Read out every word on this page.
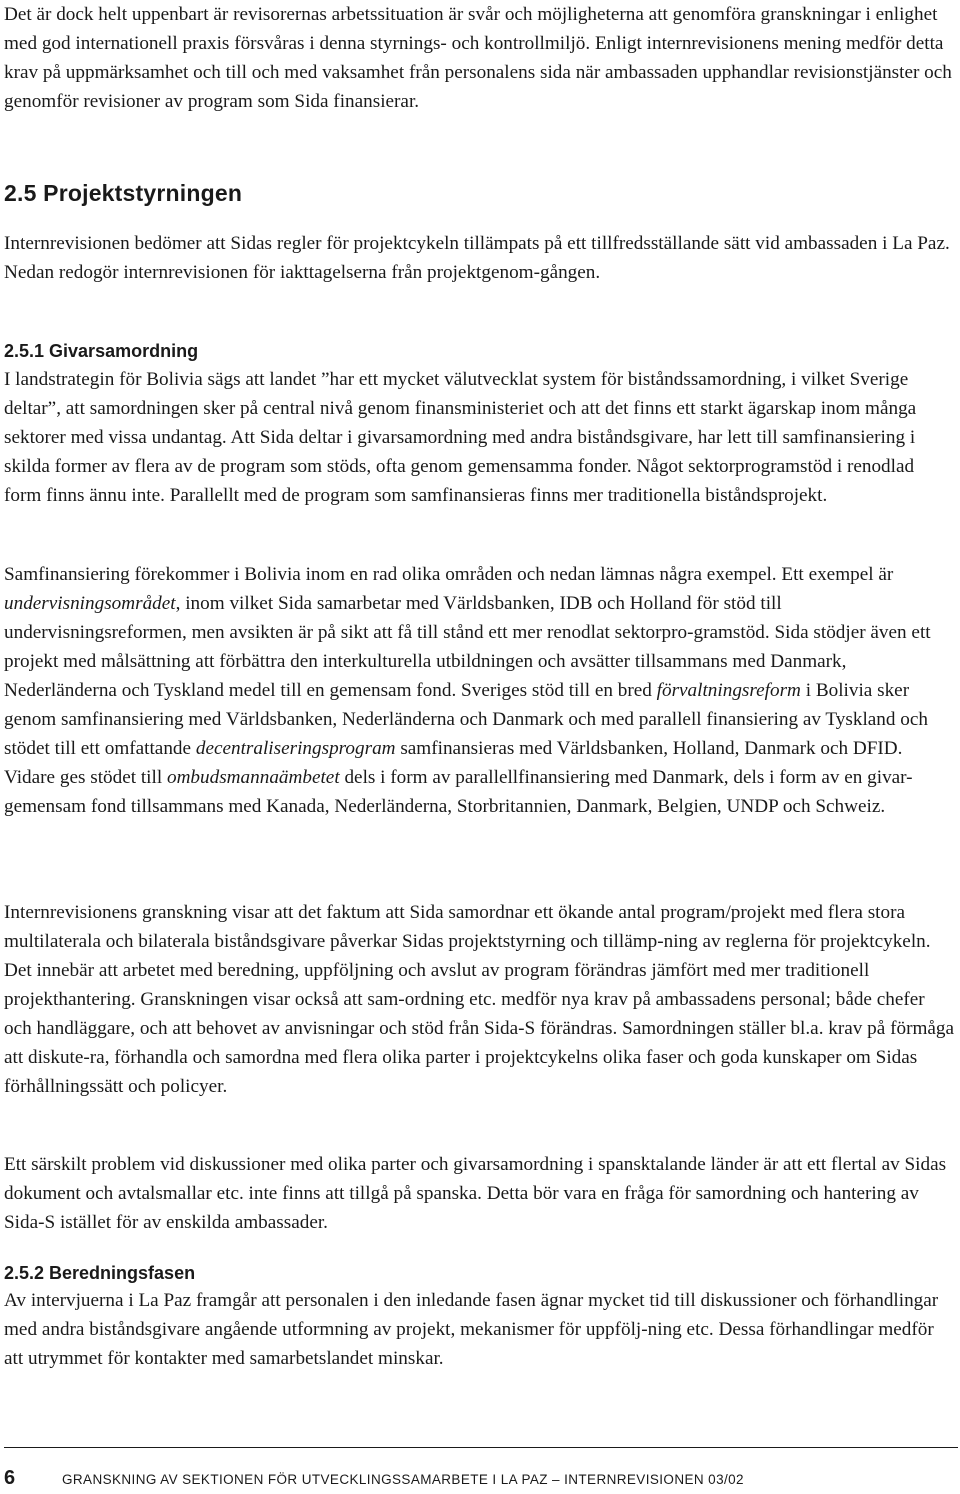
Det är dock helt uppenbart är revisorernas arbetssituation är svår och möjligheterna att genomföra granskningar i enlighet med god internationell praxis försvåras i denna styrnings- och kontrollmiljö. Enligt internrevisionens mening medför detta krav på uppmärksamhet och till och med vaksamhet från personalens sida när ambassaden upphandlar revisionstjänster och genomför revisioner av program som Sida finansierar.

2.5 Projektstyrningen

Internrevisionen bedömer att Sidas regler för projektcykeln tillämpats på ett tillfredsställande sätt vid ambassaden i La Paz. Nedan redogör internrevisionen för iakttagelserna från projektgenom-gången.

2.5.1 Givarsamordning

I landstrategin för Bolivia sägs att landet ”har ett mycket välutvecklat system för biståndssamordning, i vilket Sverige deltar”, att samordningen sker på central nivå genom finansministeriet och att det finns ett starkt ägarskap inom många sektorer med vissa undantag. Att Sida deltar i givarsamordning med andra biståndsgivare, har lett till samfinansiering i skilda former av flera av de program som stöds, ofta genom gemensamma fonder. Något sektorprogramstöd i renodlad form finns ännu inte. Parallellt med de program som samfinansieras finns mer traditionella biståndsprojekt.

Samfinansiering förekommer i Bolivia inom en rad olika områden och nedan lämnas några exempel. Ett exempel är undervisningsområdet, inom vilket Sida samarbetar med Världsbanken, IDB och Holland för stöd till undervisningsreformen, men avsikten är på sikt att få till stånd ett mer renodlat sektorpro-gramstöd. Sida stödjer även ett projekt med målsättning att förbättra den interkulturella utbildningen och avsätter tillsammans med Danmark, Nederländerna och Tyskland medel till en gemensam fond. Sveriges stöd till en bred förvaltningsreform i Bolivia sker genom samfinansiering med Världsbanken, Nederländerna och Danmark och med parallell finansiering av Tyskland och stödet till ett omfattande decentraliseringsprogram samfinansieras med Världsbanken, Holland, Danmark och DFID. Vidare ges stödet till ombudsmannaämbetet dels i form av parallellfinansiering med Danmark, dels i form av en givar-gemensam fond tillsammans med Kanada, Nederländerna, Storbritannien, Danmark, Belgien, UNDP och Schweiz.

Internrevisionens granskning visar att det faktum att Sida samordnar ett ökande antal program/projekt med flera stora multilaterala och bilaterala biståndsgivare påverkar Sidas projektstyrning och tillämp-ning av reglerna för projektcykeln. Det innebär att arbetet med beredning, uppföljning och avslut av program förändras jämfört med mer traditionell projekthantering. Granskningen visar också att sam-ordning etc. medför nya krav på ambassadens personal; både chefer och handläggare, och att behovet av anvisningar och stöd från Sida-S förändras. Samordningen ställer bl.a. krav på förmåga att diskute-ra, förhandla och samordna med flera olika parter i projektcykelns olika faser och goda kunskaper om Sidas förhållningssätt och policyer.

Ett särskilt problem vid diskussioner med olika parter och givarsamordning i spansktalande länder är att ett flertal av Sidas dokument och avtalsmallar etc. inte finns att tillgå på spanska. Detta bör vara en fråga för samordning och hantering av Sida-S istället för av enskilda ambassader.

2.5.2 Beredningsfasen

Av intervjuerna i La Paz framgår att personalen i den inledande fasen ägnar mycket tid till diskussioner och förhandlingar med andra biståndsgivare angående utformning av projekt, mekanismer för uppfölj-ning etc. Dessa förhandlingar medför att utrymmet för kontakter med samarbetslandet minskar.

6	GRANSKNING AV SEKTIONEN FÖR UTVECKLINGSSAMARBETE I LA PAZ – INTERNREVISIONEN 03/02
